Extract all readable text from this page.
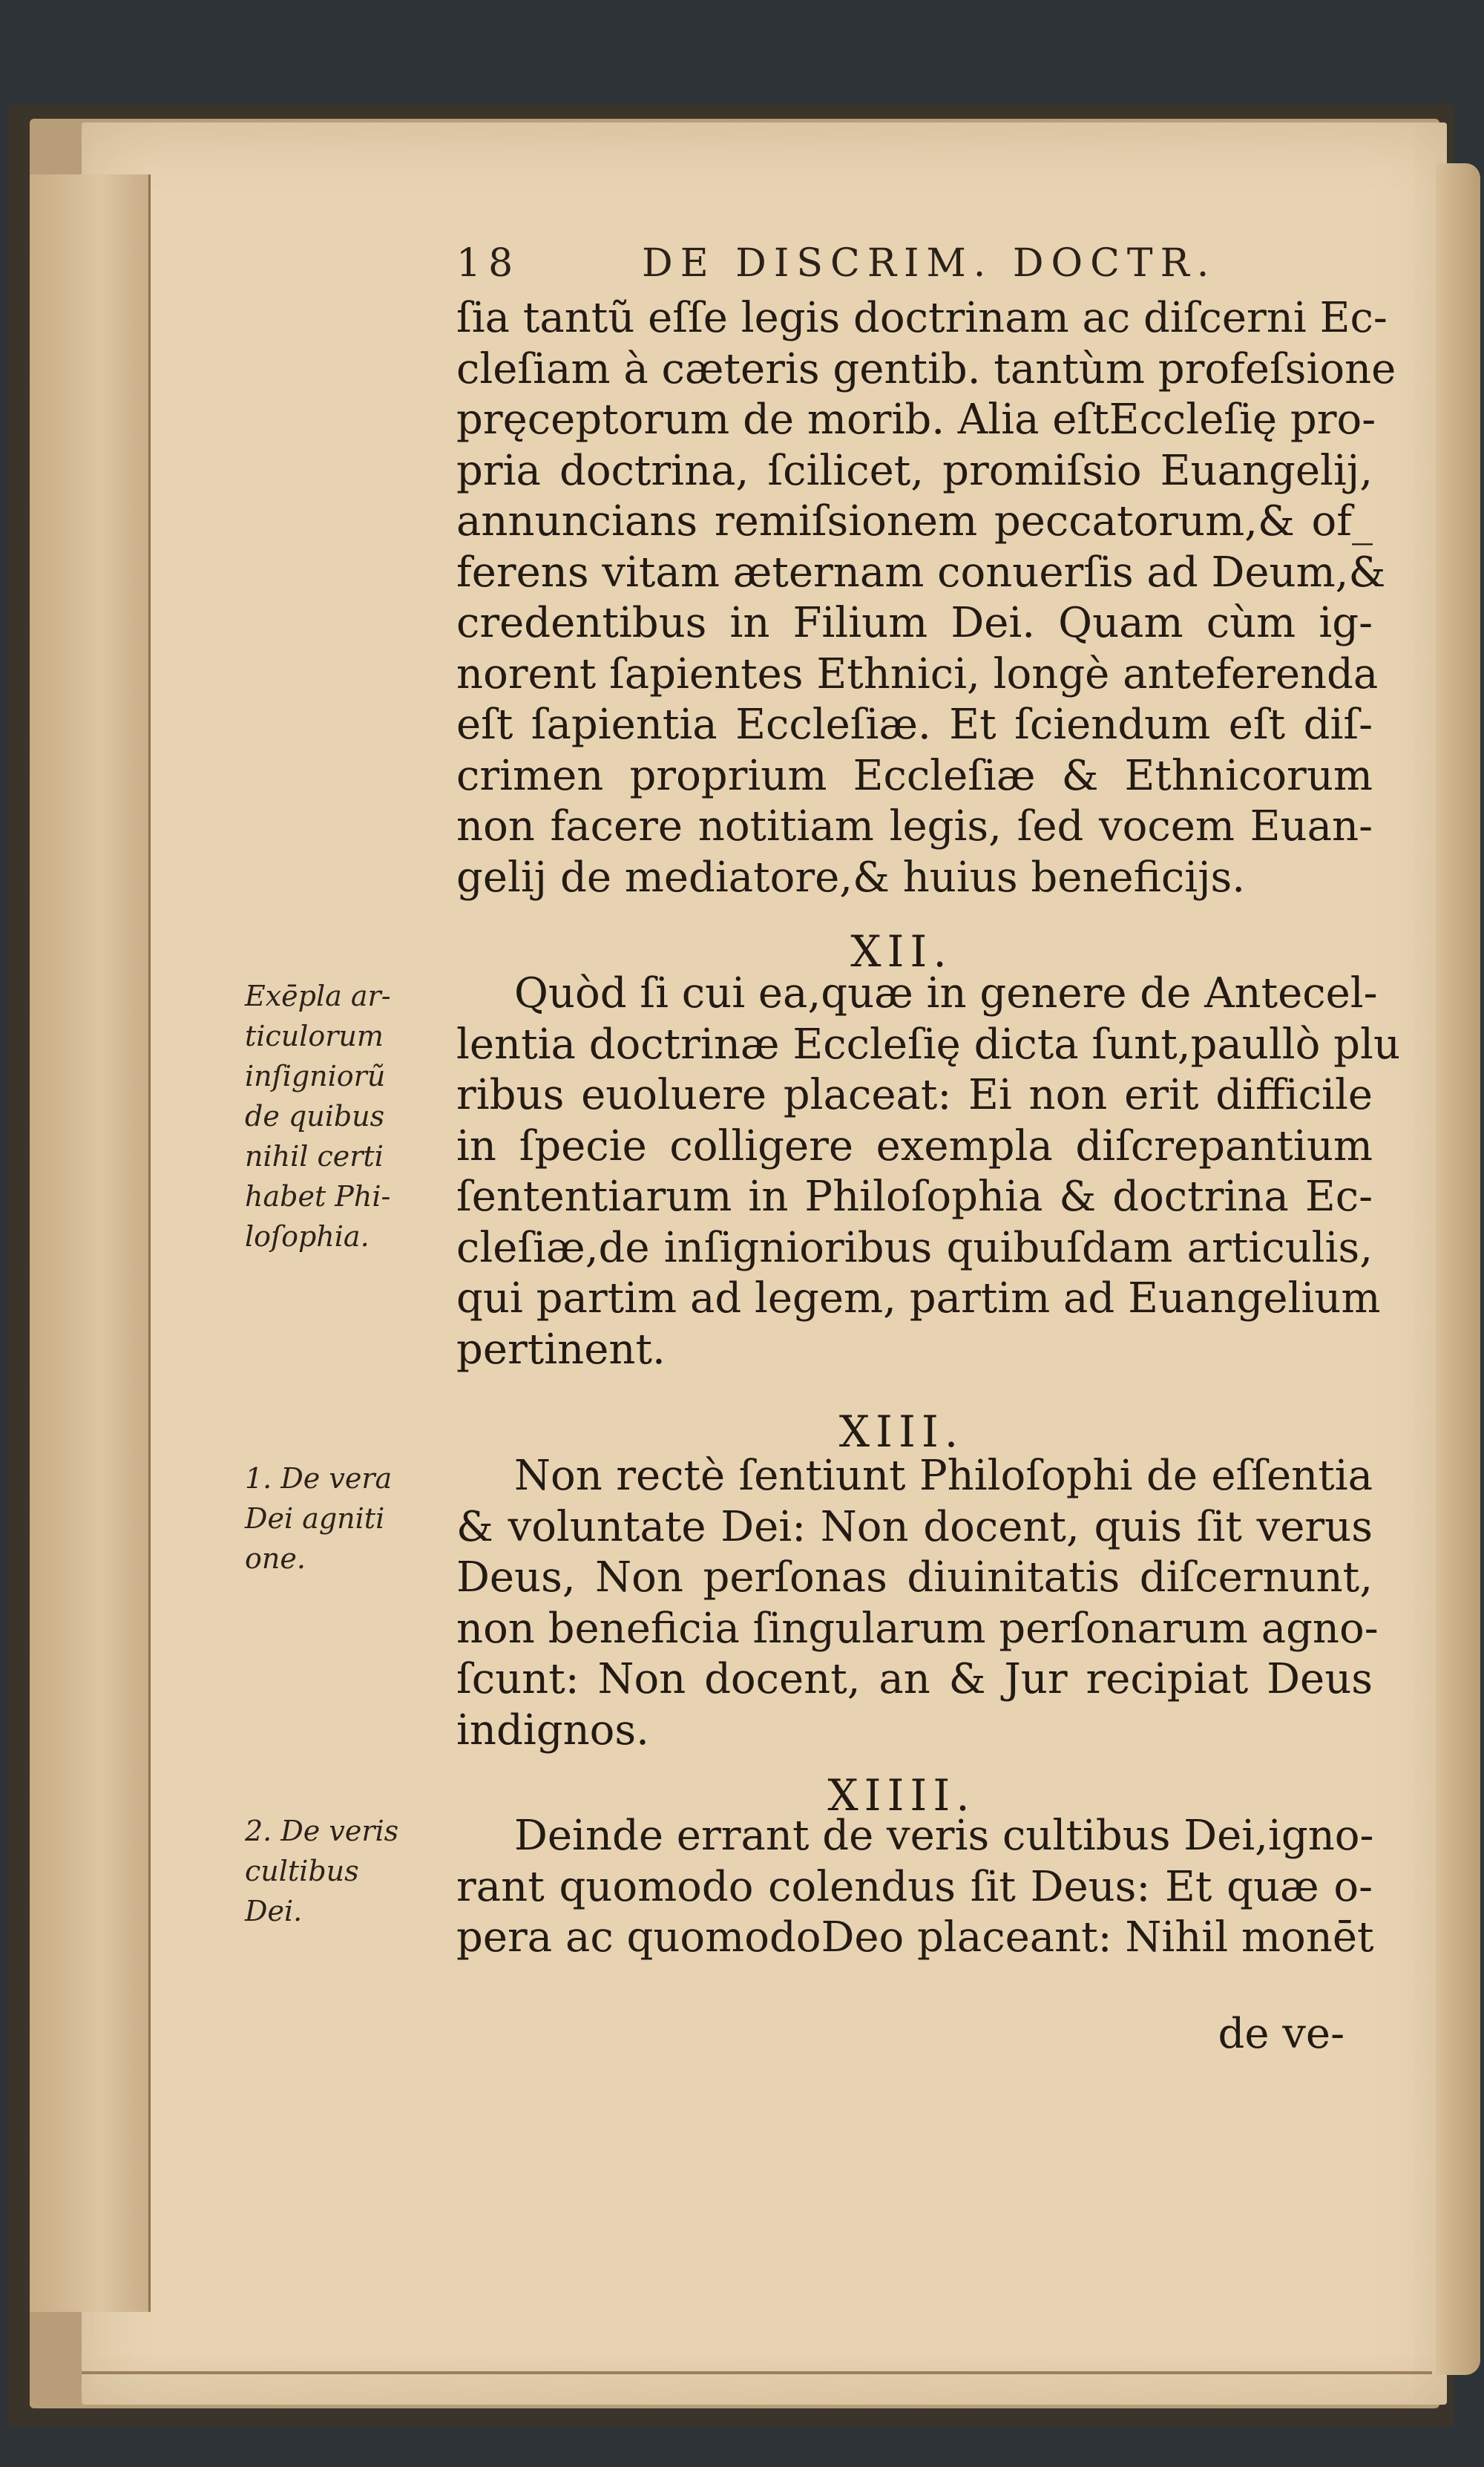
18	DE DISCRIM. DOCTR.
ſia tantũ eſſe legis doctrinam ac diſcerni Ec-
cleſiam à cæteris gentib. tantùm profeſsione
pręceptorum de morib. Alia eſtEccleſię pro-
pria doctrina, ſcilicet, promiſsio Euangelij,
annuncians remiſsionem peccatorum,& of_
ferens vitam æternam conuerſis ad Deum,&
credentibus in Filium Dei. Quam cùm ig-
norent ſapientes Ethnici, longè anteferenda
eſt ſapientia Eccleſiæ. Et ſciendum eſt diſ-
crimen proprium Eccleſiæ & Ethnicorum
non facere notitiam legis, ſed vocem Euan-
gelij de mediatore,& huius beneficijs.
XII.
Exēpla ar-
ticulorum
inſigniorũ
de quibus
nihil certi
habet Phi-
loſophia.
Quòd ſi cui ea,quæ in genere de Antecel-
lentia doctrinæ Eccleſię dicta ſunt,paullò plu
ribus euoluere placeat: Ei non erit difficile
in ſpecie colligere exempla diſcrepantium
ſententiarum in Philoſophia & doctrina Ec-
cleſiæ,de inſignioribus quibuſdam articulis,
qui partim ad legem, partim ad Euangelium
pertinent.
XIII.
1. De vera
Dei agniti
one.
Non rectè ſentiunt Philoſophi de eſſentia
& voluntate Dei: Non docent, quis ſit verus
Deus, Non perſonas diuinitatis diſcernunt,
non beneficia ſingularum perſonarum agno-
ſcunt: Non docent, an & Jur recipiat Deus
indignos.
XIIII.
2. De veris
cultibus
Dei.
Deinde errant de veris cultibus Dei,igno-
rant quomodo colendus ſit Deus: Et quæ o-
pera ac quomodoDeo placeant: Nihil monēt
de ve-
